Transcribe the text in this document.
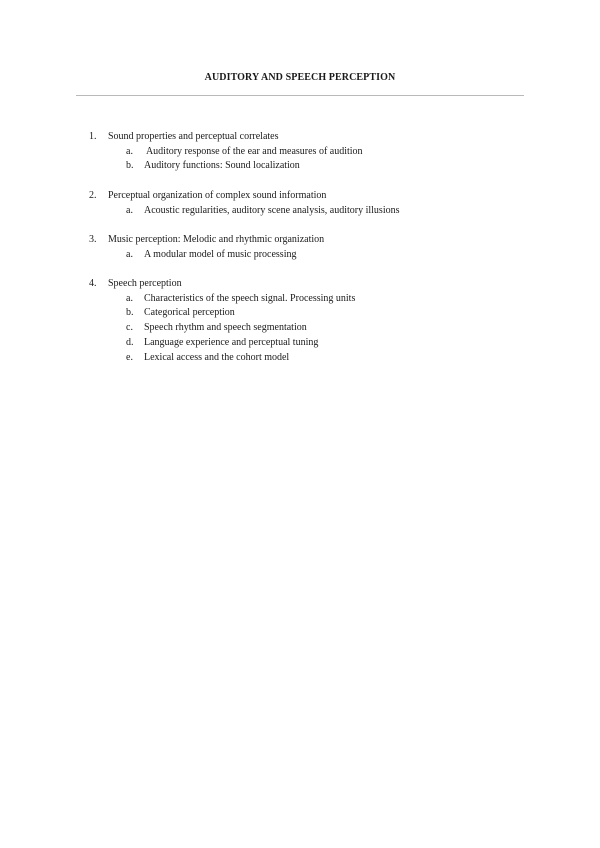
AUDITORY AND SPEECH PERCEPTION
1.	Sound properties and perceptual correlates
a.	Auditory response of the ear and measures of audition
b.	Auditory functions: Sound localization
2.	Perceptual organization of complex sound information
a.	Acoustic regularities, auditory scene analysis, auditory illusions
3.	Music perception: Melodic and rhythmic organization
a.	A modular model of music processing
4.	Speech perception
a.	Characteristics of the speech signal. Processing units
b.	Categorical perception
c.	Speech rhythm and speech segmentation
d.	Language experience and perceptual tuning
e.	Lexical access and the cohort model
